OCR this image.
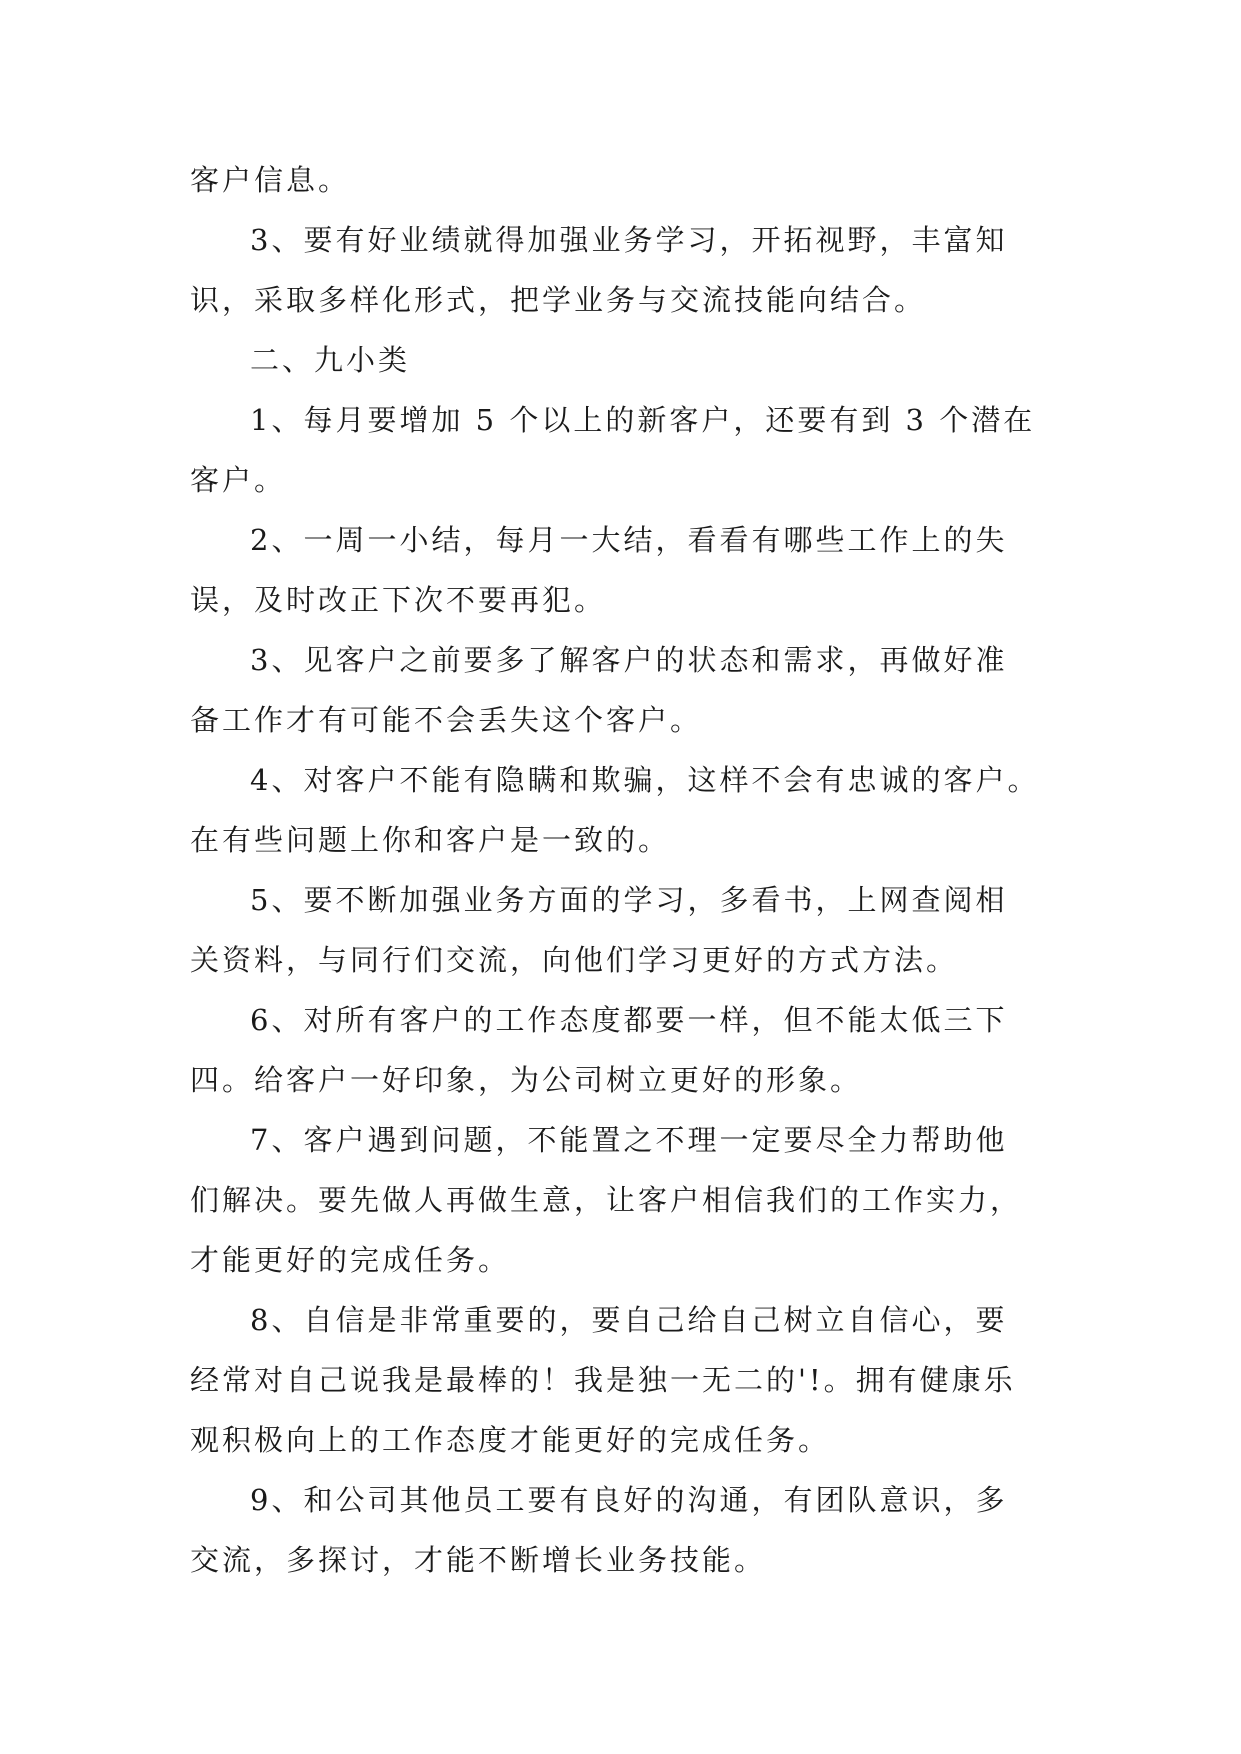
客户信息。
3、要有好业绩就得加强业务学习，开拓视野，丰富知
识，采取多样化形式，把学业务与交流技能向结合。
二、九小类
1、每月要增加 5 个以上的新客户，还要有到 3 个潜在
客户。
2、一周一小结，每月一大结，看看有哪些工作上的失
误，及时改正下次不要再犯。
3、见客户之前要多了解客户的状态和需求，再做好准
备工作才有可能不会丢失这个客户。
4、对客户不能有隐瞒和欺骗，这样不会有忠诚的客户。
在有些问题上你和客户是一致的。
5、要不断加强业务方面的学习，多看书，上网查阅相
关资料，与同行们交流，向他们学习更好的方式方法。
6、对所有客户的工作态度都要一样，但不能太低三下
四。给客户一好印象，为公司树立更好的形象。
7、客户遇到问题，不能置之不理一定要尽全力帮助他
们解决。要先做人再做生意，让客户相信我们的工作实力，
才能更好的完成任务。
8、自信是非常重要的，要自己给自己树立自信心，要
经常对自己说我是最棒的！我是独一无二的'!。拥有健康乐
观积极向上的工作态度才能更好的完成任务。
9、和公司其他员工要有良好的沟通，有团队意识，多
交流，多探讨，才能不断增长业务技能。
